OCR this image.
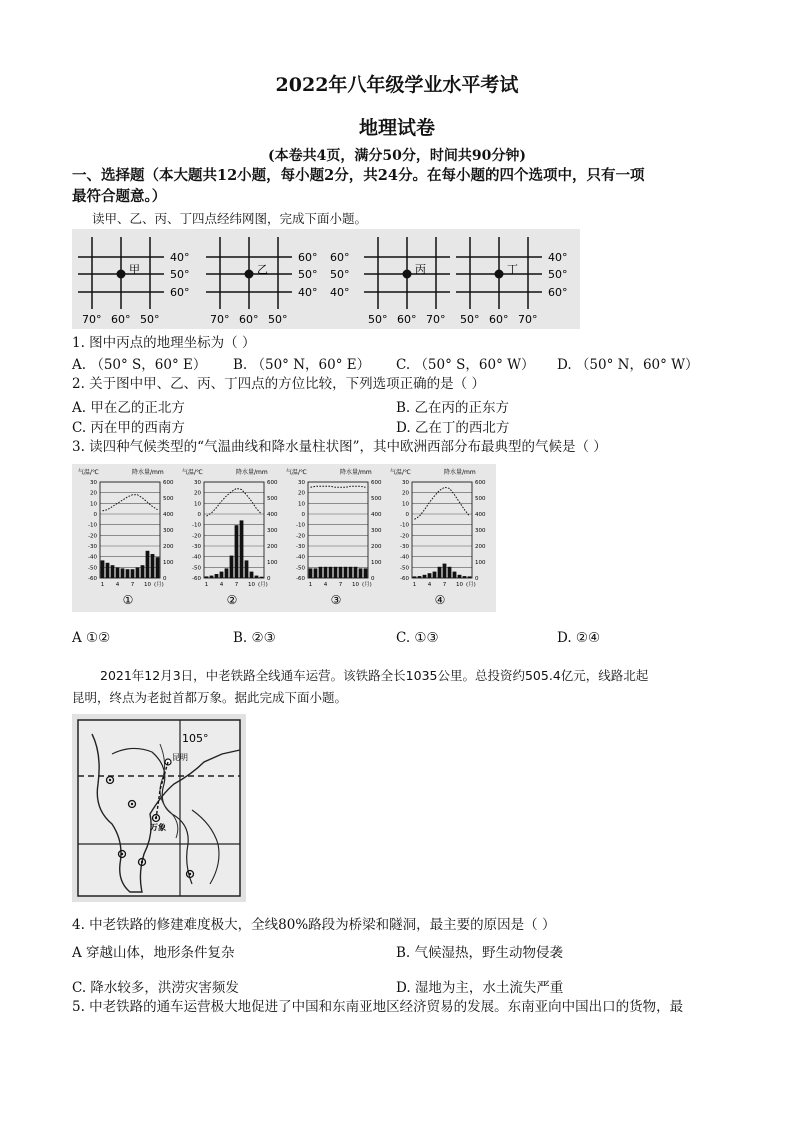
2022年八年级学业水平考试
地理试卷
(本卷共4页，满分50分，时间共90分钟)
一、选择题（本大题共12小题，每小题2分，共24分。在每小题的四个选项中，只有一项
最符合题意。）
读甲、乙、丙、丁四点经纬网图，完成下面小题。
甲
40°
50°
60°
70° 60° 50°
乙
60°
50°
40°
70° 60° 50°
丙
60°
50°
40°
50° 60° 70°
丁
40°
50°
60°
50° 60° 70°
1. 图中丙点的地理坐标为（ ）
A. （50° S，60° E） B. （50° N，60° E） C. （50° S，60° W） D. （50° N，60° W）
2. 关于图中甲、乙、丙、丁四点的方位比较，下列选项正确的是（ ）
A. 甲在乙的正北方	B. 乙在丙的正东方
C. 丙在甲的西南方	D. 乙在丁的西北方
3. 读四种气候类型的“气温曲线和降水量柱状图”，其中欧洲西部分布最典型的气候是（ ）
气温/℃	降水量/mm
30
20
10
0
-10
-20
-30
-40
-50
-60
600
500
400
300
200
100
0
1 4 7 10 (月)
①
气温/℃	降水量/mm
30
20
10
0
-10
-20
-30
-40
-50
-60
600
500
400
300
200
100
0
1 4 7 10 (月)
②
气温/℃	降水量/mm
30
20
10
0
-10
-20
-30
-40
-50
-60
600
500
400
300
200
100
0
1 4 7 10 (月)
③
气温/℃	降水量/mm
30
20
10
0
-10
-20
-30
-40
-50
-60
600
500
400
300
200
100
0
1 4 7 10 (月)
④
A ①②	B. ②③	C. ①③	D. ②④
2021年12月3日，中老铁路全线通车运营。该铁路全长1035公里。总投资约505.4亿元，线路北起
昆明，终点为老挝首都万象。据此完成下面小题。
105°
昆明
万象
4. 中老铁路的修建难度极大，全线80%路段为桥梁和隧洞，最主要的原因是（ ）
A 穿越山体，地形条件复杂	B. 气候湿热，野生动物侵袭
C. 降水较多，洪涝灾害频发	D. 湿地为主，水土流失严重
5. 中老铁路的通车运营极大地促进了中国和东南亚地区经济贸易的发展。东南亚向中国出口的货物，最
